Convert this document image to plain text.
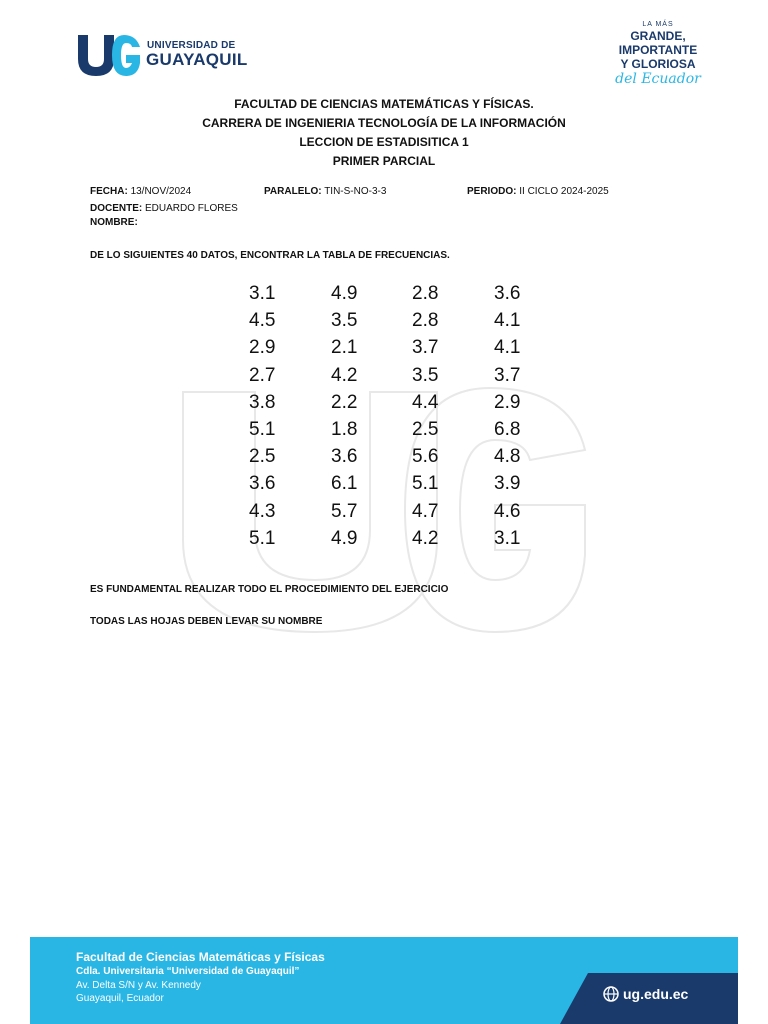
UNIVERSIDAD DE
GUAYAQUIL
LA MÁS
GRANDE,
IMPORTANTE
Y GLORIOSA
del Ecuador
FACULTAD DE CIENCIAS MATEMÁTICAS Y FÍSICAS.
CARRERA DE INGENIERIA TECNOLOGÍA DE LA INFORMACIÓN
LECCION DE ESTADISITICA 1
PRIMER PARCIAL
FECHA: 13/NOV/2024	PARALELO: TIN-S-NO-3-3	PERIODO: II CICLO 2024-2025
DOCENTE: EDUARDO FLORES
NOMBRE:
DE LO SIGUIENTES 40 DATOS, ENCONTRAR LA TABLA DE FRECUENCIAS.
3.1	4.9	2.8	3.6
4.5	3.5	2.8	4.1
2.9	2.1	3.7	4.1
2.7	4.2	3.5	3.7
3.8	2.2	4.4	2.9
5.1	1.8	2.5	6.8
2.5	3.6	5.6	4.8
3.6	6.1	5.1	3.9
4.3	5.7	4.7	4.6
5.1	4.9	4.2	3.1
ES FUNDAMENTAL REALIZAR TODO EL PROCEDIMIENTO DEL EJERCICIO
TODAS LAS HOJAS DEBEN LEVAR SU NOMBRE
Facultad de Ciencias Matemáticas y Físicas
Cdla. Universitaria “Universidad de Guayaquil”
Av. Delta S/N y Av. Kennedy
Guayaquil, Ecuador	ug.edu.ec
